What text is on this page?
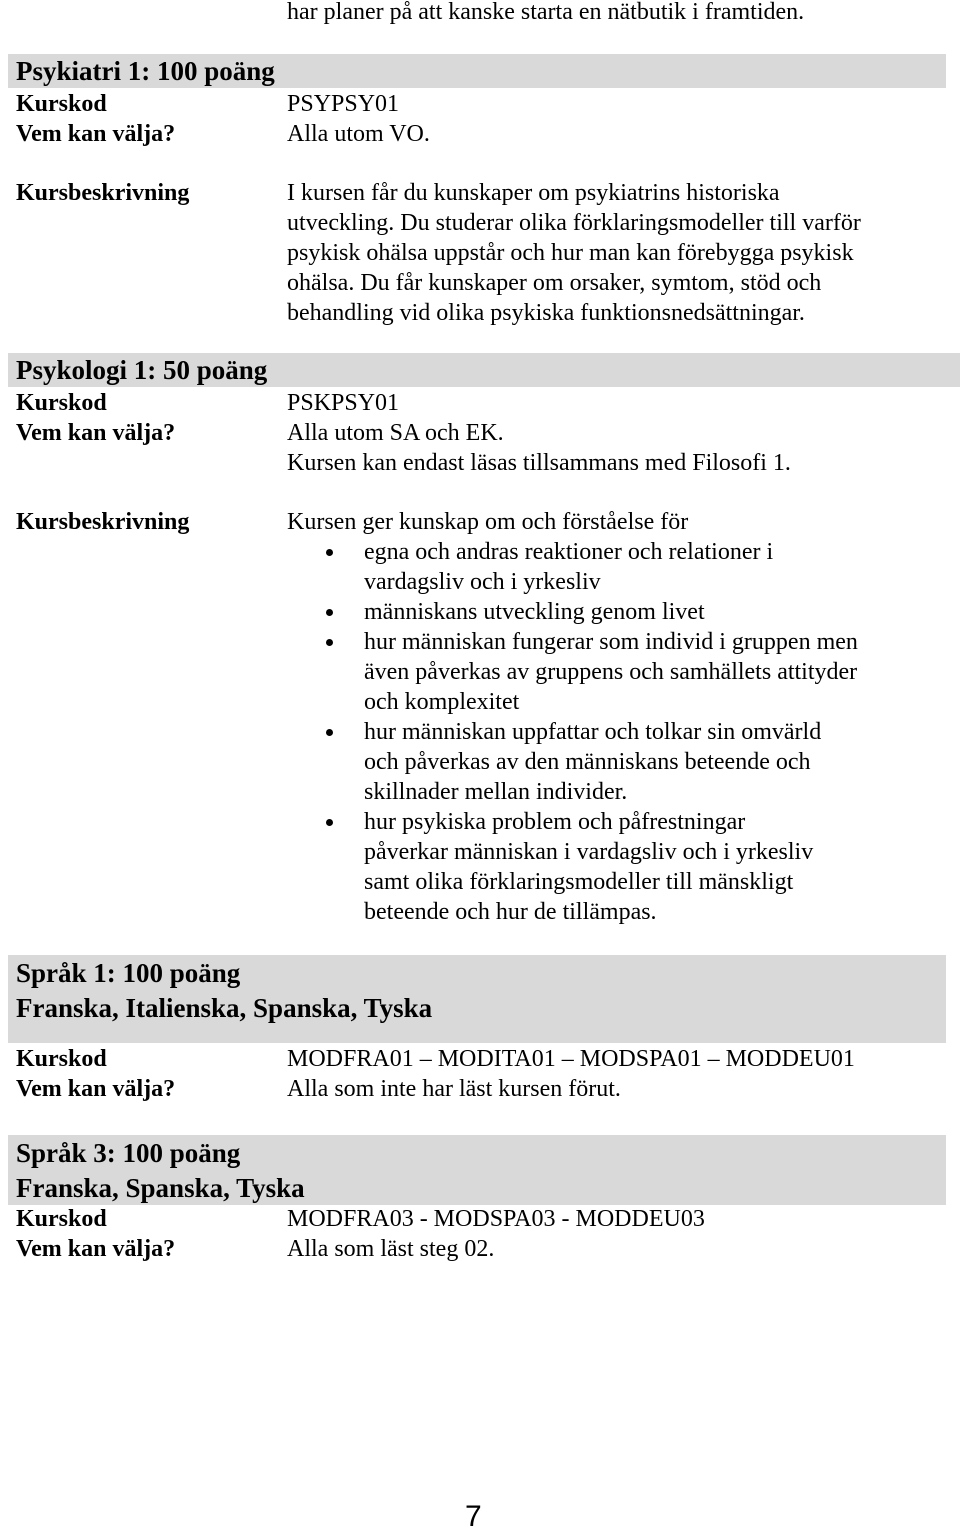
har planer på att kanske starta en nätbutik i framtiden.
Psykiatri 1: 100 poäng
Kurskod	PSYPSY01
Vem kan välja?	Alla utom VO.
Kursbeskrivning	I kursen får du kunskaper om psykiatrins historiska
utveckling. Du studerar olika förklaringsmodeller till varför
psykisk ohälsa uppstår och hur man kan förebygga psykisk
ohälsa. Du får kunskaper om orsaker, symtom, stöd och
behandling vid olika psykiska funktionsnedsättningar.
Psykologi 1: 50 poäng
Kurskod	PSKPSY01
Vem kan välja?	Alla utom SA och EK.
Kursen kan endast läsas tillsammans med Filosofi 1.
Kursbeskrivning	Kursen ger kunskap om och förståelse för
egna och andras reaktioner och relationer i
vardagsliv och i yrkesliv
människans utveckling genom livet
hur människan fungerar som individ i gruppen men
även påverkas av gruppens och samhällets attityder
och komplexitet
hur människan uppfattar och tolkar sin omvärld
och påverkas av den människans beteende och
skillnader mellan individer.
hur psykiska problem och påfrestningar
påverkar människan i vardagsliv och i yrkesliv
samt olika förklaringsmodeller till mänskligt
beteende och hur de tillämpas.
Språk 1: 100 poäng
Franska, Italienska, Spanska, Tyska
Kurskod	MODFRA01 – MODITA01 – MODSPA01 – MODDEU01
Vem kan välja?	Alla som inte har läst kursen förut.
Språk 3: 100 poäng
Franska, Spanska, Tyska
Kurskod	MODFRA03 - MODSPA03 - MODDEU03
Vem kan välja?	Alla som läst steg 02.
7
